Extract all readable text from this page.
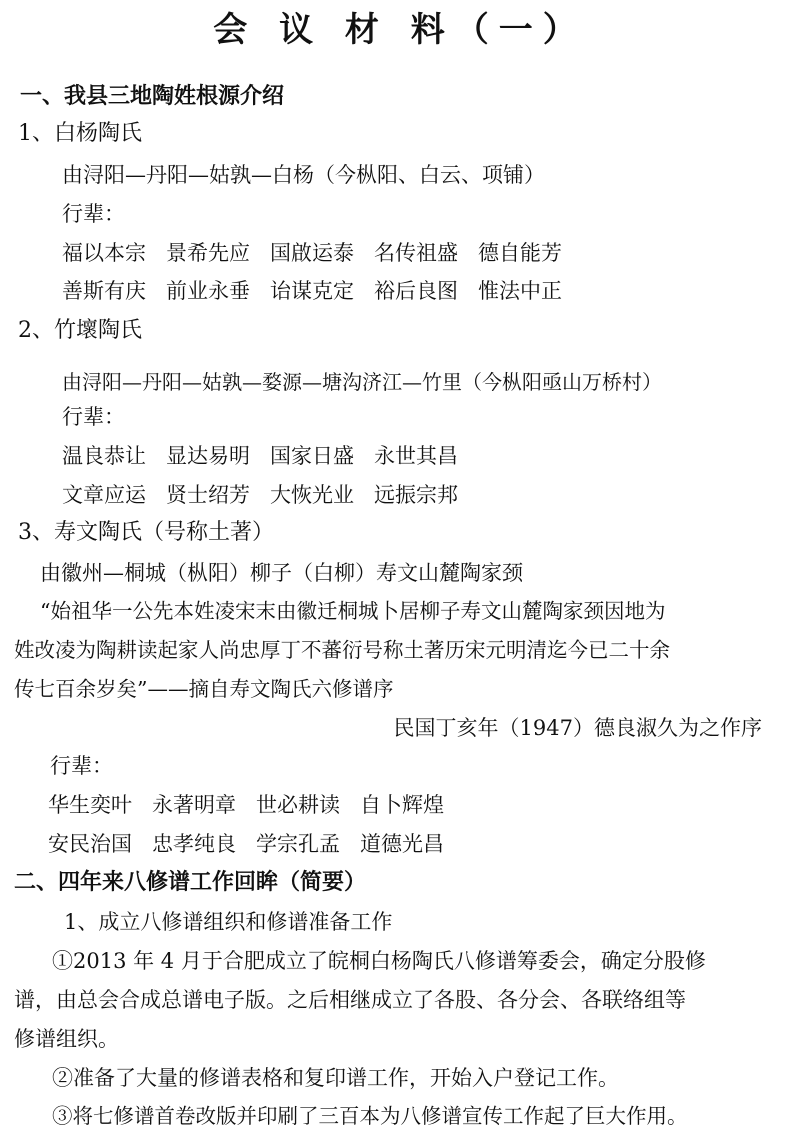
会 议 材 料（一）
一、我县三地陶姓根源介绍
1、白杨陶氏
由浔阳—丹阳—姑孰—白杨（今枞阳、白云、项铺）
行辈：
福以本宗 景希先应 国啟运泰 名传祖盛 德自能芳
善斯有庆 前业永垂 诒谋克定 裕后良图 惟法中正
2、竹壞陶氏
由浔阳—丹阳—姑孰—婺源—塘沟济江—竹里（今枞阳亟山万桥村）
行辈：
温良恭让 显达易明 国家日盛 永世其昌
文章应运 贤士绍芳 大恢光业 远振宗邦
3、寿文陶氏（号称土著）
由徽州—桐城（枞阳）柳子（白柳）寿文山麓陶家颈
“始祖华一公先本姓凌宋末由徽迁桐城卜居柳子寿文山麓陶家颈因地为
姓改凌为陶耕读起家人尚忠厚丁不蕃衍号称土著历宋元明清迄今已二十余
传七百余岁矣”——摘自寿文陶氏六修谱序
民国丁亥年（1947）德良淑久为之作序
行辈：
华生奕叶 永著明章 世必耕读 自卜辉煌
安民治国 忠孝纯良 学宗孔孟 道德光昌
二、四年来八修谱工作回眸（简要）
1、成立八修谱组织和修谱准备工作
①2013 年 4 月于合肥成立了皖桐白杨陶氏八修谱筹委会，确定分股修
谱，由总会合成总谱电子版。之后相继成立了各股、各分会、各联络组等
修谱组织。
②准备了大量的修谱表格和复印谱工作，开始入户登记工作。
③将七修谱首卷改版并印刷了三百本为八修谱宣传工作起了巨大作用。
